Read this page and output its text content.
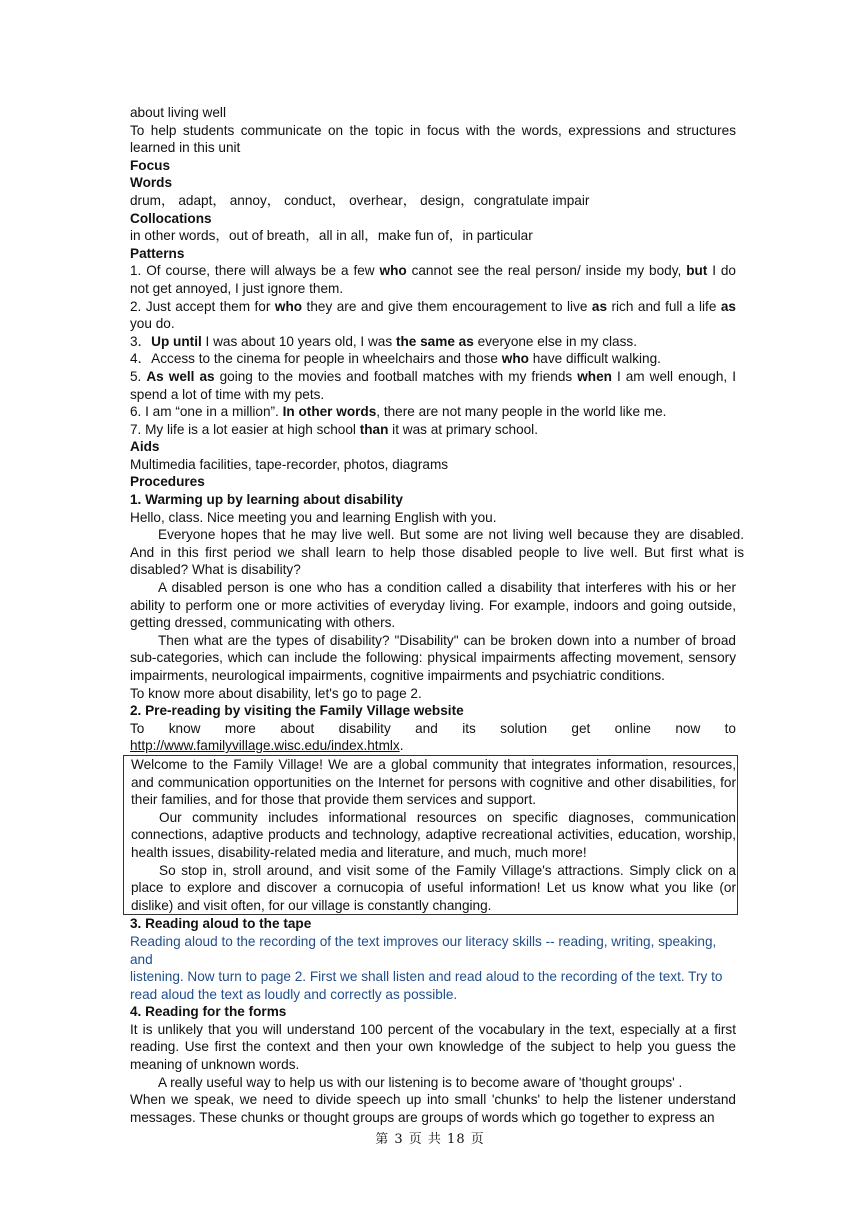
about living well

To help students communicate on the topic in focus with the words, expressions and structures learned in this unit

Focus

Words

drum， adapt， annoy， conduct， overhear， design，congratulate impair

Collocations

in other words，out of breath，all in all，make fun of，in particular

Patterns

1. Of course, there will always be a few who cannot see the real person/ inside my body, but I do not get annoyed, I just ignore them.

2. Just accept them for who they are and give them encouragement to live as rich and full a life as you do.

3．Up until I was about 10 years old, I was the same as everyone else in my class.

4．Access to the cinema for people in wheelchairs and those who have difficult walking.

5. As well as going to the movies and football matches with my friends when I am well enough, I spend a lot of time with my pets.

6. I am “one in a million”. In other words, there are not many people in the world like me.

7. My life is a lot easier at high school than it was at primary school.

Aids

Multimedia facilities, tape-recorder, photos, diagrams

Procedures

1. Warming up by learning about disability

Hello, class. Nice meeting you and learning English with you.

Everyone hopes that he may live well. But some are not living well because they are disabled. And in this first period we shall learn to help those disabled people to live well. But first what is disabled? What is disability?

A disabled person is one who has a condition called a disability that interferes with his or her ability to perform one or more activities of everyday living. For example, indoors and going outside, getting dressed, communicating with others.

Then what are the types of disability? "Disability" can be broken down into a number of broad sub-categories, which can include the following: physical impairments affecting movement, sensory impairments, neurological impairments, cognitive impairments and psychiatric conditions.

To know more about disability, let's go to page 2.

2. Pre-reading by visiting the Family Village website

To know more about disability and its solution get online now to

http://www.familyvillage.wisc.edu/index.htmlx.

Welcome to the Family Village! We are a global community that integrates information, resources, and communication opportunities on the Internet for persons with cognitive and other disabilities, for their families, and for those that provide them services and support.

Our community includes informational resources on specific diagnoses, communication connections, adaptive products and technology, adaptive recreational activities, education, worship, health issues, disability-related media and literature, and much, much more!

So stop in, stroll around, and visit some of the Family Village's attractions. Simply click on a place to explore and discover a cornucopia of useful information! Let us know what you like (or dislike) and visit often, for our village is constantly changing.

3. Reading aloud to the tape

Reading aloud to the recording of the text improves our literacy skills -- reading, writing, speaking, and

listening. Now turn to page 2. First we shall listen and read aloud to the recording of the text. Try to

read aloud the text as loudly and correctly as possible.

4. Reading for the forms

It is unlikely that you will understand 100 percent of the vocabulary in the text, especially at a first reading. Use first the context and then your own knowledge of the subject to help you guess the meaning of unknown words.

A really useful way to help us with our listening is to become aware of 'thought groups' .

When we speak, we need to divide speech up into small 'chunks' to help the listener understand messages. These chunks or thought groups are groups of words which go together to express an

第 3 页 共 18 页
